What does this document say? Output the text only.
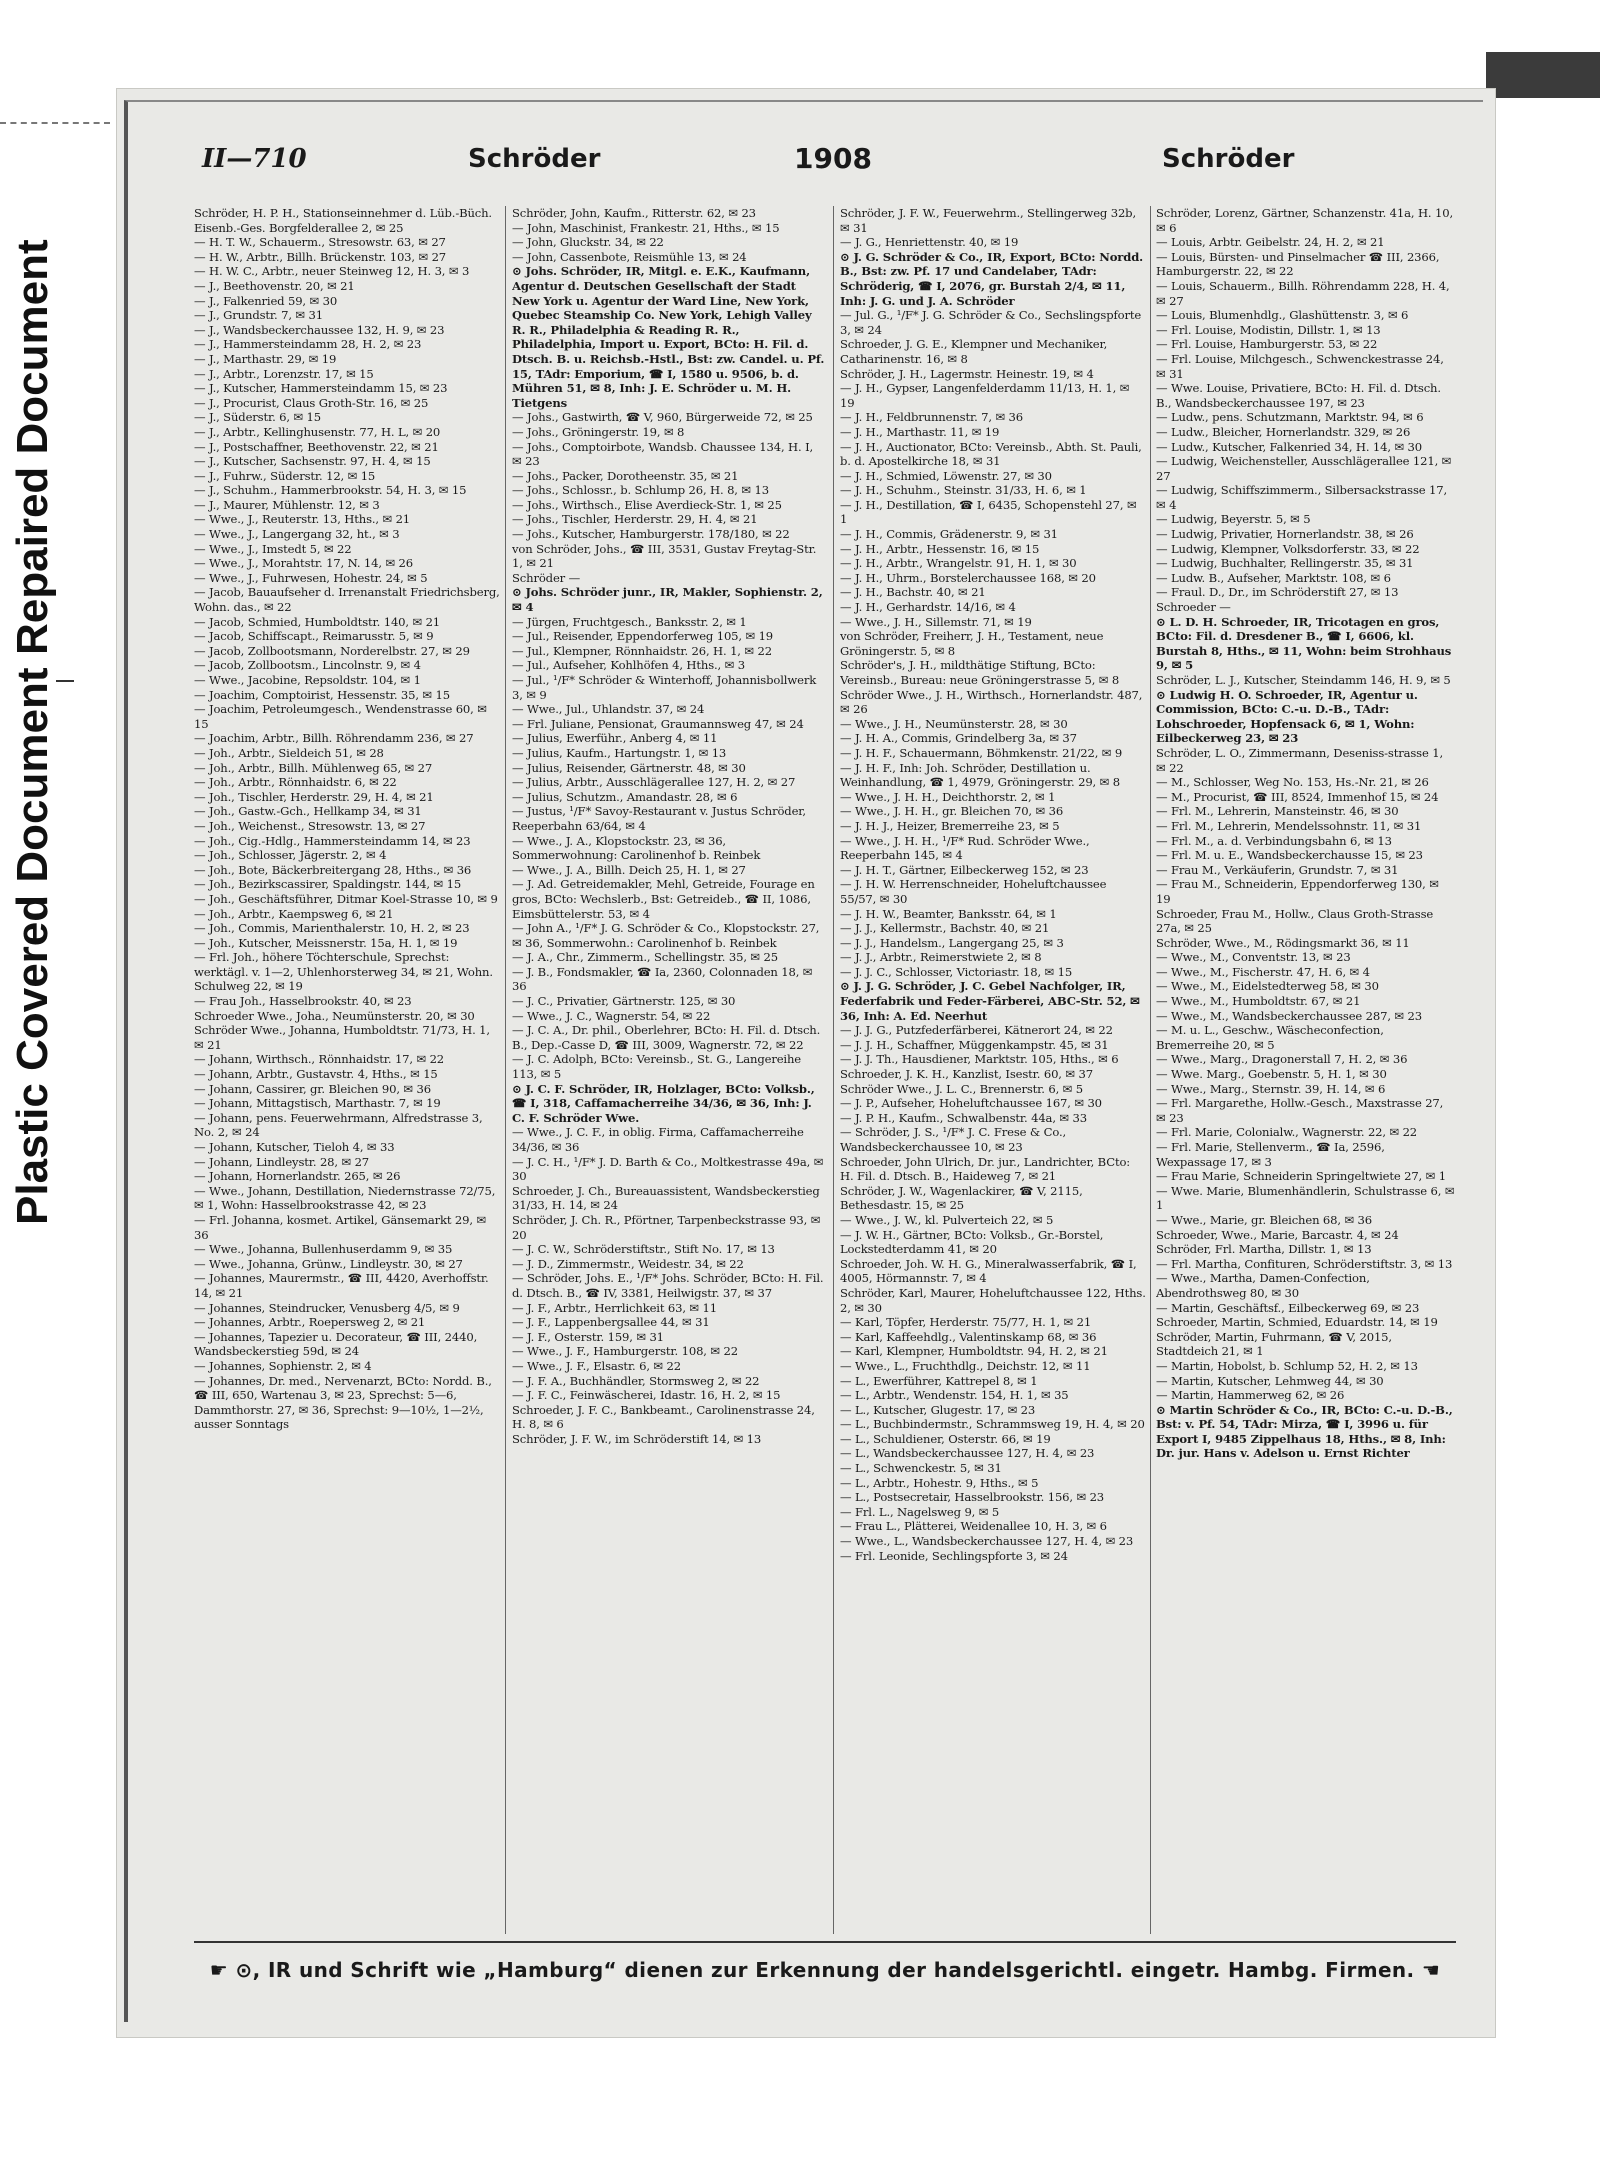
Repaired Document
Plastic Covered Document
II—710	Schröder	1908	Schröder

Schröder, H. P. H., Stationseinnehmer d. Lüb.-Büch. Eisenb.-Ges. Borgfelderallee 2, ✉ 25

— H. T. W., Schauerm., Stresowstr. 63, ✉ 27

— H. W., Arbtr., Billh. Brückenstr. 103, ✉ 27

— H. W. C., Arbtr., neuer Steinweg 12, H. 3, ✉ 3

— J., Beethovenstr. 20, ✉ 21

— J., Falkenried 59, ✉ 30

— J., Grundstr. 7, ✉ 31

— J., Wandsbeckerchaussee 132, H. 9, ✉ 23

— J., Hammersteindamm 28, H. 2, ✉ 23

— J., Marthastr. 29, ✉ 19

— J., Arbtr., Lorenzstr. 17, ✉ 15

— J., Kutscher, Hammersteindamm 15, ✉ 23

— J., Procurist, Claus Groth-Str. 16, ✉ 25

— J., Süderstr. 6, ✉ 15

— J., Arbtr., Kellinghusenstr. 77, H. L, ✉ 20

— J., Postschaffner, Beethovenstr. 22, ✉ 21

— J., Kutscher, Sachsenstr. 97, H. 4, ✉ 15

— J., Fuhrw., Süderstr. 12, ✉ 15

— J., Schuhm., Hammerbrookstr. 54, H. 3, ✉ 15

— J., Maurer, Mühlenstr. 12, ✉ 3

— Wwe., J., Reuterstr. 13, Hths., ✉ 21

— Wwe., J., Langergang 32, ht., ✉ 3

— Wwe., J., Imstedt 5, ✉ 22

— Wwe., J., Morahtstr. 17, N. 14, ✉ 26

— Wwe., J., Fuhrwesen, Hohestr. 24, ✉ 5

— Jacob, Bauaufseher d. Irrenanstalt Friedrichsberg, Wohn. das., ✉ 22

— Jacob, Schmied, Humboldtstr. 140, ✉ 21

— Jacob, Schiffscapt., Reimarusstr. 5, ✉ 9

— Jacob, Zollbootsmann, Norderelbstr. 27, ✉ 29

— Jacob, Zollbootsm., Lincolnstr. 9, ✉ 4

— Wwe., Jacobine, Repsoldstr. 104, ✉ 1

— Joachim, Comptoirist, Hessenstr. 35, ✉ 15

— Joachim, Petroleumgesch., Wendenstrasse 60, ✉ 15

— Joachim, Arbtr., Billh. Röhrendamm 236, ✉ 27

— Joh., Arbtr., Sieldeich 51, ✉ 28

— Joh., Arbtr., Billh. Mühlenweg 65, ✉ 27

— Joh., Arbtr., Rönnhaidstr. 6, ✉ 22

— Joh., Tischler, Herderstr. 29, H. 4, ✉ 21

— Joh., Gastw.-Gch., Hellkamp 34, ✉ 31

— Joh., Weichenst., Stresowstr. 13, ✉ 27

— Joh., Cig.-Hdlg., Hammersteindamm 14, ✉ 23

— Joh., Schlosser, Jägerstr. 2, ✉ 4

— Joh., Bote, Bäckerbreitergang 28, Hths., ✉ 36

— Joh., Bezirkscassirer, Spaldingstr. 144, ✉ 15

— Joh., Geschäftsführer, Ditmar Koel-Strasse 10, ✉ 9

— Joh., Arbtr., Kaempsweg 6, ✉ 21

— Joh., Commis, Marienthalerstr. 10, H. 2, ✉ 23

— Joh., Kutscher, Meissnerstr. 15a, H. 1, ✉ 19

— Frl. Joh., höhere Töchterschule, Sprechst: werktägl. v. 1—2, Uhlenhorsterweg 34, ✉ 21, Wohn. Schulweg 22, ✉ 19

— Frau Joh., Hasselbrookstr. 40, ✉ 23

Schroeder Wwe., Joha., Neumünsterstr. 20, ✉ 30

Schröder Wwe., Johanna, Humboldtstr. 71/73, H. 1, ✉ 21

— Johann, Wirthsch., Rönnhaidstr. 17, ✉ 22

— Johann, Arbtr., Gustavstr. 4, Hths., ✉ 15

— Johann, Cassirer, gr. Bleichen 90, ✉ 36

— Johann, Mittagstisch, Marthastr. 7, ✉ 19

— Johann, pens. Feuerwehrmann, Alfredstrasse 3, No. 2, ✉ 24

— Johann, Kutscher, Tieloh 4, ✉ 33

— Johann, Lindleystr. 28, ✉ 27

— Johann, Hornerlandstr. 265, ✉ 26

— Wwe., Johann, Destillation, Niedernstrasse 72/75, ✉ 1, Wohn: Hasselbrookstrasse 42, ✉ 23

— Frl. Johanna, kosmet. Artikel, Gänsemarkt 29, ✉ 36

— Wwe., Johanna, Bullenhuserdamm 9, ✉ 35

— Wwe., Johanna, Grünw., Lindleystr. 30, ✉ 27

— Johannes, Maurermstr., ☎ III, 4420, Averhoffstr. 14, ✉ 21

— Johannes, Steindrucker, Venusberg 4/5, ✉ 9

— Johannes, Arbtr., Roepersweg 2, ✉ 21

— Johannes, Tapezier u. Decorateur, ☎ III, 2440, Wandsbeckerstieg 59d, ✉ 24

— Johannes, Sophienstr. 2, ✉ 4

— Johannes, Dr. med., Nervenarzt, BCto: Nordd. B., ☎ III, 650, Wartenau 3, ✉ 23, Sprechst: 5—6, Dammthorstr. 27, ✉ 36, Sprechst: 9—10½, 1—2½, ausser Sonntags

Schröder, John, Kaufm., Ritterstr. 62, ✉ 23

— John, Maschinist, Frankestr. 21, Hths., ✉ 15

— John, Gluckstr. 34, ✉ 22

— John, Cassenbote, Reismühle 13, ✉ 24

⊙ Johs. Schröder, IR, Mitgl. e. E.K., Kaufmann, Agentur d. Deutschen Gesellschaft der Stadt New York u. Agentur der Ward Line, New York, Quebec Steamship Co. New York, Lehigh Valley R. R., Philadelphia & Reading R. R., Philadelphia, Import u. Export, BCto: H. Fil. d. Dtsch. B. u. Reichsb.-Hstl., Bst: zw. Candel. u. Pf. 15, TAdr: Emporium, ☎ I, 1580 u. 9506, b. d. Mühren 51, ✉ 8, Inh: J. E. Schröder u. M. H. Tietgens

— Johs., Gastwirth, ☎ V, 960, Bürgerweide 72, ✉ 25

— Johs., Gröningerstr. 19, ✉ 8

— Johs., Comptoirbote, Wandsb. Chaussee 134, H. I, ✉ 23

— Johs., Packer, Dorotheenstr. 35, ✉ 21

— Johs., Schlossr., b. Schlump 26, H. 8, ✉ 13

— Johs., Wirthsch., Elise Averdieck-Str. 1, ✉ 25

— Johs., Tischler, Herderstr. 29, H. 4, ✉ 21

— Johs., Kutscher, Hamburgerstr. 178/180, ✉ 22

von Schröder, Johs., ☎ III, 3531, Gustav Freytag-Str. 1, ✉ 21

Schröder —

⊙ Johs. Schröder junr., IR, Makler, Sophienstr. 2, ✉ 4

— Jürgen, Fruchtgesch., Banksstr. 2, ✉ 1

— Jul., Reisender, Eppendorferweg 105, ✉ 19

— Jul., Klempner, Rönnhaidstr. 26, H. 1, ✉ 22

— Jul., Aufseher, Kohlhöfen 4, Hths., ✉ 3

— Jul., ¹/F* Schröder & Winterhoff, Johannisbollwerk 3, ✉ 9

— Wwe., Jul., Uhlandstr. 37, ✉ 24

— Frl. Juliane, Pensionat, Graumannsweg 47, ✉ 24

— Julius, Ewerführ., Anberg 4, ✉ 11

— Julius, Kaufm., Hartungstr. 1, ✉ 13

— Julius, Reisender, Gärtnerstr. 48, ✉ 30

— Julius, Arbtr., Ausschlägerallee 127, H. 2, ✉ 27

— Julius, Schutzm., Amandastr. 28, ✉ 6

— Justus, ¹/F* Savoy-Restaurant v. Justus Schröder, Reeperbahn 63/64, ✉ 4

— Wwe., J. A., Klopstockstr. 23, ✉ 36, Sommerwohnung: Carolinenhof b. Reinbek

— Wwe., J. A., Billh. Deich 25, H. 1, ✉ 27

— J. Ad. Getreidemakler, Mehl, Getreide, Fourage en gros, BCto: Wechslerb., Bst: Getreideb., ☎ II, 1086, Eimsbüttelerstr. 53, ✉ 4

— John A., ¹/F* J. G. Schröder & Co., Klopstockstr. 27, ✉ 36, Sommerwohn.: Carolinenhof b. Reinbek

— J. A., Chr., Zimmerm., Schellingstr. 35, ✉ 25

— J. B., Fondsmakler, ☎ Ia, 2360, Colonnaden 18, ✉ 36

— J. C., Privatier, Gärtnerstr. 125, ✉ 30

— Wwe., J. C., Wagnerstr. 54, ✉ 22

— J. C. A., Dr. phil., Oberlehrer, BCto: H. Fil. d. Dtsch. B., Dep.-Casse D, ☎ III, 3009, Wagnerstr. 72, ✉ 22

— J. C. Adolph, BCto: Vereinsb., St. G., Langereihe 113, ✉ 5

⊙ J. C. F. Schröder, IR, Holzlager, BCto: Volksb., ☎ I, 318, Caffamacherreihe 34/36, ✉ 36, Inh: J. C. F. Schröder Wwe.

— Wwe., J. C. F., in oblig. Firma, Caffamacherreihe 34/36, ✉ 36

— J. C. H., ¹/F* J. D. Barth & Co., Moltkestrasse 49a, ✉ 30

Schroeder, J. Ch., Bureauassistent, Wandsbeckerstieg 31/33, H. 14, ✉ 24

Schröder, J. Ch. R., Pförtner, Tarpenbeckstrasse 93, ✉ 20

— J. C. W., Schröderstiftstr., Stift No. 17, ✉ 13

— J. D., Zimmermstr., Weidestr. 34, ✉ 22

— Schröder, Johs. E., ¹/F* Johs. Schröder, BCto: H. Fil. d. Dtsch. B., ☎ IV, 3381, Heilwigstr. 37, ✉ 37

— J. F., Arbtr., Herrlichkeit 63, ✉ 11

— J. F., Lappenbergsallee 44, ✉ 31

— J. F., Osterstr. 159, ✉ 31

— Wwe., J. F., Hamburgerstr. 108, ✉ 22

— Wwe., J. F., Elsastr. 6, ✉ 22

— J. F. A., Buchhändler, Stormsweg 2, ✉ 22

— J. F. C., Feinwäscherei, Idastr. 16, H. 2, ✉ 15

Schroeder, J. F. C., Bankbeamt., Carolinenstrasse 24, H. 8, ✉ 6

Schröder, J. F. W., im Schröderstift 14, ✉ 13

Schröder, J. F. W., Feuerwehrm., Stellingerweg 32b, ✉ 31

— J. G., Henriettenstr. 40, ✉ 19

⊙ J. G. Schröder & Co., IR, Export, BCto: Nordd. B., Bst: zw. Pf. 17 und Candelaber, TAdr: Schröderig, ☎ I, 2076, gr. Burstah 2/4, ✉ 11, Inh: J. G. und J. A. Schröder

— Jul. G., ¹/F* J. G. Schröder & Co., Sechslingspforte 3, ✉ 24

Schroeder, J. G. E., Klempner und Mechaniker, Catharinenstr. 16, ✉ 8

Schröder, J. H., Lagermstr. Heinestr. 19, ✉ 4

— J. H., Gypser, Langenfelderdamm 11/13, H. 1, ✉ 19

— J. H., Feldbrunnenstr. 7, ✉ 36

— J. H., Marthastr. 11, ✉ 19

— J. H., Auctionator, BCto: Vereinsb., Abth. St. Pauli, b. d. Apostelkirche 18, ✉ 31

— J. H., Schmied, Löwenstr. 27, ✉ 30

— J. H., Schuhm., Steinstr. 31/33, H. 6, ✉ 1

— J. H., Destillation, ☎ I, 6435, Schopenstehl 27, ✉ 1

— J. H., Commis, Grädenerstr. 9, ✉ 31

— J. H., Arbtr., Hessenstr. 16, ✉ 15

— J. H., Arbtr., Wrangelstr. 91, H. 1, ✉ 30

— J. H., Uhrm., Borstelerchaussee 168, ✉ 20

— J. H., Bachstr. 40, ✉ 21

— J. H., Gerhardstr. 14/16, ✉ 4

— Wwe., J. H., Sillemstr. 71, ✉ 19

von Schröder, Freiherr, J. H., Testament, neue Gröningerstr. 5, ✉ 8

Schröder's, J. H., mildthätige Stiftung, BCto: Vereinsb., Bureau: neue Gröningerstrasse 5, ✉ 8

Schröder Wwe., J. H., Wirthsch., Hornerlandstr. 487, ✉ 26

— Wwe., J. H., Neumünsterstr. 28, ✉ 30

— J. H. A., Commis, Grindelberg 3a, ✉ 37

— J. H. F., Schauermann, Böhmkenstr. 21/22, ✉ 9

— J. H. F., Inh: Joh. Schröder, Destillation u. Weinhandlung, ☎ 1, 4979, Gröningerstr. 29, ✉ 8

— Wwe., J. H. H., Deichthorstr. 2, ✉ 1

— Wwe., J. H. H., gr. Bleichen 70, ✉ 36

— J. H. J., Heizer, Bremerreihe 23, ✉ 5

— Wwe., J. H. H., ¹/F* Rud. Schröder Wwe., Reeperbahn 145, ✉ 4

— J. H. T., Gärtner, Eilbeckerweg 152, ✉ 23

— J. H. W. Herrenschneider, Hoheluftchaussee 55/57, ✉ 30

— J. H. W., Beamter, Banksstr. 64, ✉ 1

— J. J., Kellermstr., Bachstr. 40, ✉ 21

— J. J., Handelsm., Langergang 25, ✉ 3

— J. J., Arbtr., Reimerstwiete 2, ✉ 8

— J. J. C., Schlosser, Victoriastr. 18, ✉ 15

⊙ J. J. G. Schröder, J. C. Gebel Nachfolger, IR, Federfabrik und Feder-Färberei, ABC-Str. 52, ✉ 36, Inh: A. Ed. Neerhut

— J. J. G., Putzfederfärberei, Kätnerort 24, ✉ 22

— J. J. H., Schaffner, Müggenkampstr. 45, ✉ 31

— J. J. Th., Hausdiener, Marktstr. 105, Hths., ✉ 6

Schroeder, J. K. H., Kanzlist, Isestr. 60, ✉ 37

Schröder Wwe., J. L. C., Brennerstr. 6, ✉ 5

— J. P., Aufseher, Hoheluftchaussee 167, ✉ 30

— J. P. H., Kaufm., Schwalbenstr. 44a, ✉ 33

— Schröder, J. S., ¹/F* J. C. Frese & Co., Wandsbeckerchaussee 10, ✉ 23

Schroeder, John Ulrich, Dr. jur., Landrichter, BCto: H. Fil. d. Dtsch. B., Haideweg 7, ✉ 21

Schröder, J. W., Wagenlackirer, ☎ V, 2115, Bethesdastr. 15, ✉ 25

— Wwe., J. W., kl. Pulverteich 22, ✉ 5

— J. W. H., Gärtner, BCto: Volksb., Gr.-Borstel, Lockstedterdamm 41, ✉ 20

Schroeder, Joh. W. H. G., Mineralwasserfabrik, ☎ I, 4005, Hörmannstr. 7, ✉ 4

Schröder, Karl, Maurer, Hoheluftchaussee 122, Hths. 2, ✉ 30

— Karl, Töpfer, Herderstr. 75/77, H. 1, ✉ 21

— Karl, Kaffeehdlg., Valentinskamp 68, ✉ 36

— Karl, Klempner, Humboldtstr. 94, H. 2, ✉ 21

— Wwe., L., Fruchthdlg., Deichstr. 12, ✉ 11

— L., Ewerführer, Kattrepel 8, ✉ 1

— L., Arbtr., Wendenstr. 154, H. 1, ✉ 35

— L., Kutscher, Glugestr. 17, ✉ 23

— L., Buchbindermstr., Schrammsweg 19, H. 4, ✉ 20

— L., Schuldiener, Osterstr. 66, ✉ 19

— L., Wandsbeckerchaussee 127, H. 4, ✉ 23

— L., Schwenckestr. 5, ✉ 31

— L., Arbtr., Hohestr. 9, Hths., ✉ 5

— L., Postsecretair, Hasselbrookstr. 156, ✉ 23

— Frl. L., Nagelsweg 9, ✉ 5

— Frau L., Plätterei, Weidenallee 10, H. 3, ✉ 6

— Wwe., L., Wandsbeckerchaussee 127, H. 4, ✉ 23

— Frl. Leonide, Sechlingspforte 3, ✉ 24

Schröder, Lorenz, Gärtner, Schanzenstr. 41a, H. 10, ✉ 6

— Louis, Arbtr. Geibelstr. 24, H. 2, ✉ 21

— Louis, Bürsten- und Pinselmacher ☎ III, 2366, Hamburgerstr. 22, ✉ 22

— Louis, Schauerm., Billh. Röhrendamm 228, H. 4, ✉ 27

— Louis, Blumenhdlg., Glashüttenstr. 3, ✉ 6

— Frl. Louise, Modistin, Dillstr. 1, ✉ 13

— Frl. Louise, Hamburgerstr. 53, ✉ 22

— Frl. Louise, Milchgesch., Schwenckestrasse 24, ✉ 31

— Wwe. Louise, Privatiere, BCto: H. Fil. d. Dtsch. B., Wandsbeckerchaussee 197, ✉ 23

— Ludw., pens. Schutzmann, Marktstr. 94, ✉ 6

— Ludw., Bleicher, Hornerlandstr. 329, ✉ 26

— Ludw., Kutscher, Falkenried 34, H. 14, ✉ 30

— Ludwig, Weichensteller, Ausschlägerallee 121, ✉ 27

— Ludwig, Schiffszimmerm., Silbersackstrasse 17, ✉ 4

— Ludwig, Beyerstr. 5, ✉ 5

— Ludwig, Privatier, Hornerlandstr. 38, ✉ 26

— Ludwig, Klempner, Volksdorferstr. 33, ✉ 22

— Ludwig, Buchhalter, Rellingerstr. 35, ✉ 31

— Ludw. B., Aufseher, Marktstr. 108, ✉ 6

— Fraul. D., Dr., im Schröderstift 27, ✉ 13

Schroeder —

⊙ L. D. H. Schroeder, IR, Tricotagen en gros, BCto: Fil. d. Dresdener B., ☎ I, 6606, kl. Burstah 8, Hths., ✉ 11, Wohn: beim Strohhaus 9, ✉ 5

Schröder, L. J., Kutscher, Steindamm 146, H. 9, ✉ 5

⊙ Ludwig H. O. Schroeder, IR, Agentur u. Commission, BCto: C.-u. D.-B., TAdr: Lohschroeder, Hopfensack 6, ✉ 1, Wohn: Eilbeckerweg 23, ✉ 23

Schröder, L. O., Zimmermann, Deseniss-strasse 1, ✉ 22

— M., Schlosser, Weg No. 153, Hs.-Nr. 21, ✉ 26

— M., Procurist, ☎ III, 8524, Immenhof 15, ✉ 24

— Frl. M., Lehrerin, Mansteinstr. 46, ✉ 30

— Frl. M., Lehrerin, Mendelssohnstr. 11, ✉ 31

— Frl. M., a. d. Verbindungsbahn 6, ✉ 13

— Frl. M. u. E., Wandsbeckerchausse 15, ✉ 23

— Frau M., Verkäuferin, Grundstr. 7, ✉ 31

— Frau M., Schneiderin, Eppendorferweg 130, ✉ 19

Schroeder, Frau M., Hollw., Claus Groth-Strasse 27a, ✉ 25

Schröder, Wwe., M., Rödingsmarkt 36, ✉ 11

— Wwe., M., Conventstr. 13, ✉ 23

— Wwe., M., Fischerstr. 47, H. 6, ✉ 4

— Wwe., M., Eidelstedterweg 58, ✉ 30

— Wwe., M., Humboldtstr. 67, ✉ 21

— Wwe., M., Wandsbeckerchaussee 287, ✉ 23

— M. u. L., Geschw., Wäscheconfection, Bremerreihe 20, ✉ 5

— Wwe., Marg., Dragonerstall 7, H. 2, ✉ 36

— Wwe. Marg., Goebenstr. 5, H. 1, ✉ 30

— Wwe., Marg., Sternstr. 39, H. 14, ✉ 6

— Frl. Margarethe, Hollw.-Gesch., Maxstrasse 27, ✉ 23

— Frl. Marie, Colonialw., Wagnerstr. 22, ✉ 22

— Frl. Marie, Stellenverm., ☎ Ia, 2596, Wexpassage 17, ✉ 3

— Frau Marie, Schneiderin Springeltwiete 27, ✉ 1

— Wwe. Marie, Blumenhändlerin, Schulstrasse 6, ✉ 1

— Wwe., Marie, gr. Bleichen 68, ✉ 36

Schroeder, Wwe., Marie, Barcastr. 4, ✉ 24

Schröder, Frl. Martha, Dillstr. 1, ✉ 13

— Frl. Martha, Confituren, Schröderstiftstr. 3, ✉ 13

— Wwe., Martha, Damen-Confection, Abendrothsweg 80, ✉ 30

— Martin, Geschäftsf., Eilbeckerweg 69, ✉ 23

Schroeder, Martin, Schmied, Eduardstr. 14, ✉ 19

Schröder, Martin, Fuhrmann, ☎ V, 2015, Stadtdeich 21, ✉ 1

— Martin, Hobolst, b. Schlump 52, H. 2, ✉ 13

— Martin, Kutscher, Lehmweg 44, ✉ 30

— Martin, Hammerweg 62, ✉ 26

⊙ Martin Schröder & Co., IR, BCto: C.-u. D.-B., Bst: v. Pf. 54, TAdr: Mirza, ☎ I, 3996 u. für Export I, 9485 Zippelhaus 18, Hths., ✉ 8, Inh: Dr. jur. Hans v. Adelson u. Ernst Richter

☛ ⊙, IR und Schrift wie „Hamburg“ dienen zur Erkennung der handelsgerichtl. eingetr. Hambg. Firmen. ☚
